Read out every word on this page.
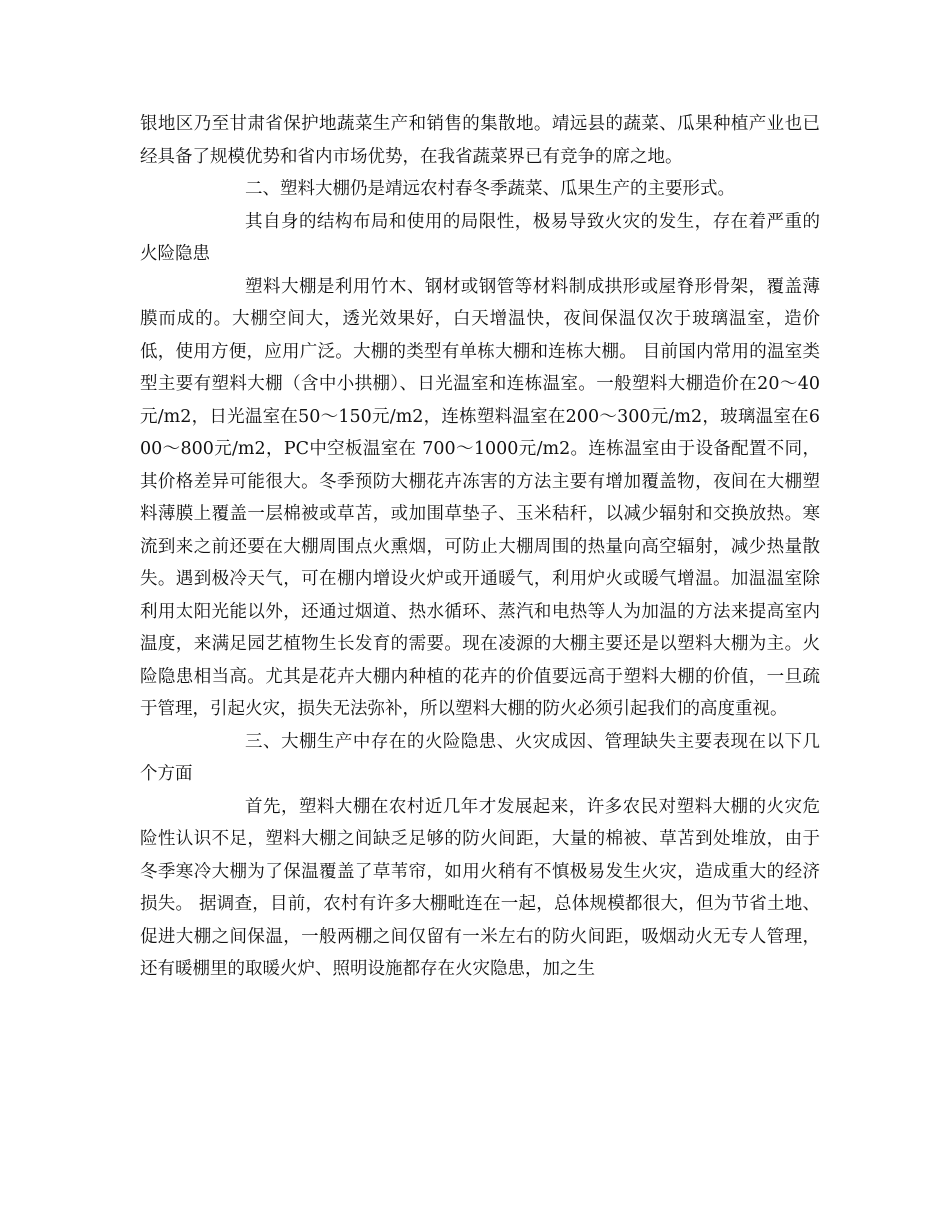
银地区乃至甘肃省保护地蔬菜生产和销售的集散地。靖远县的蔬菜、瓜果种植产业也已经具备了规模优势和省内市场优势，在我省蔬菜界已有竞争的席之地。

二、塑料大棚仍是靖远农村春冬季蔬菜、瓜果生产的主要形式。

其自身的结构布局和使用的局限性，极易导致火灾的发生，存在着严重的火险隐患

塑料大棚是利用竹木、钢材或钢管等材料制成拱形或屋脊形骨架，覆盖薄膜而成的。大棚空间大，透光效果好，白天增温快，夜间保温仅次于玻璃温室，造价低，使用方便，应用广泛。大棚的类型有单栋大棚和连栋大棚。 目前国内常用的温室类型主要有塑料大棚（含中小拱棚）、日光温室和连栋温室。一般塑料大棚造价在20～40元/m2，日光温室在50～150元/m2，连栋塑料温室在200～300元/m2，玻璃温室在600～800元/m2，PC中空板温室在 700～1000元/m2。连栋温室由于设备配置不同，其价格差异可能很大。冬季预防大棚花卉冻害的方法主要有增加覆盖物，夜间在大棚塑料薄膜上覆盖一层棉被或草苫，或加围草垫子、玉米秸秆，以减少辐射和交换放热。寒流到来之前还要在大棚周围点火熏烟，可防止大棚周围的热量向高空辐射，减少热量散失。遇到极冷天气，可在棚内增设火炉或开通暖气，利用炉火或暖气增温。加温温室除利用太阳光能以外，还通过烟道、热水循环、蒸汽和电热等人为加温的方法来提高室内温度，来满足园艺植物生长发育的需要。现在凌源的大棚主要还是以塑料大棚为主。火险隐患相当高。尤其是花卉大棚内种植的花卉的价值要远高于塑料大棚的价值，一旦疏于管理，引起火灾，损失无法弥补，所以塑料大棚的防火必须引起我们的高度重视。

三、大棚生产中存在的火险隐患、火灾成因、管理缺失主要表现在以下几个方面

首先，塑料大棚在农村近几年才发展起来，许多农民对塑料大棚的火灾危险性认识不足，塑料大棚之间缺乏足够的防火间距，大量的棉被、草苫到处堆放，由于冬季寒冷大棚为了保温覆盖了草苇帘，如用火稍有不慎极易发生火灾，造成重大的经济损失。 据调查，目前，农村有许多大棚毗连在一起，总体规模都很大，但为节省土地、促进大棚之间保温，一般两棚之间仅留有一米左右的防火间距，吸烟动火无专人管理，还有暖棚里的取暖火炉、照明设施都存在火灾隐患，加之生
